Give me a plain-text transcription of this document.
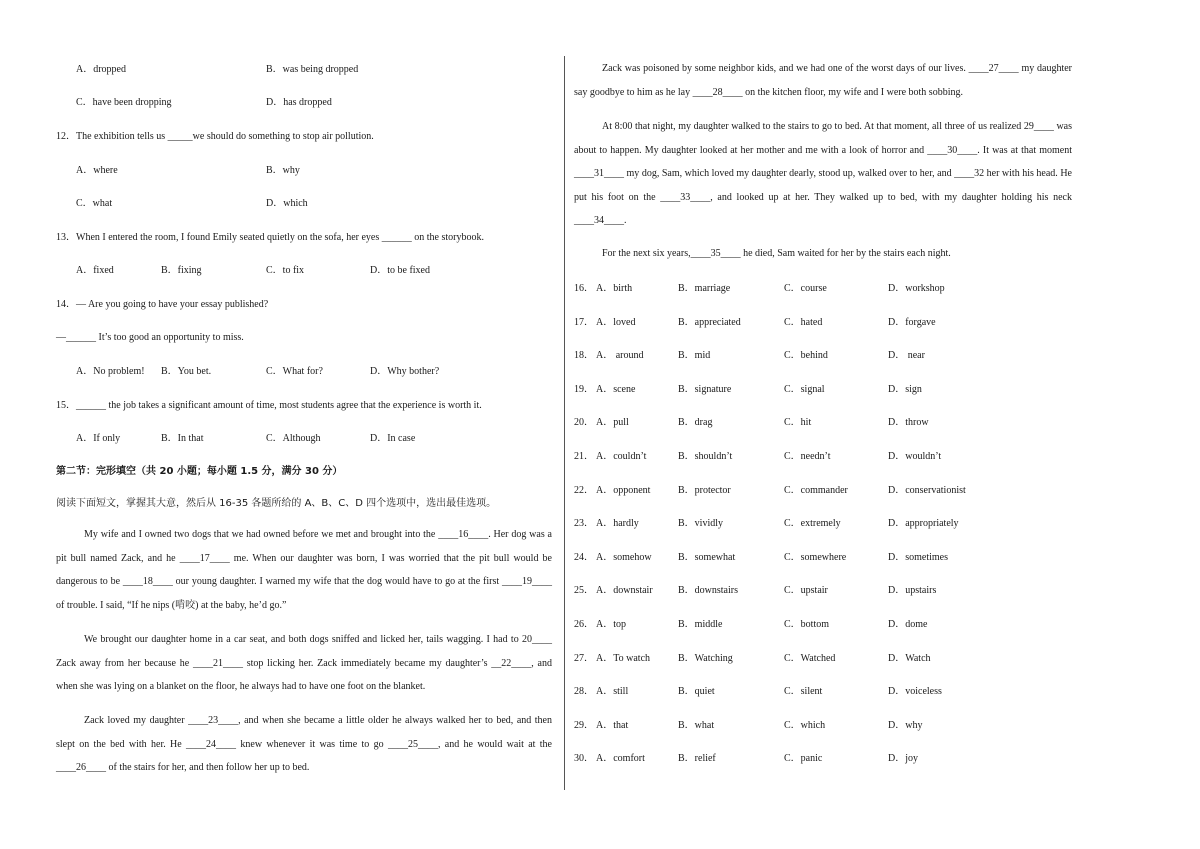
A．dropped	B．was being dropped
C．have been dropping	D．has dropped
12．The exhibition tells us _____we should do something to stop air pollution.
A．where	B．why
C．what	D．which
13．When I entered the room, I found Emily seated quietly on the sofa, her eyes ______ on the storybook.
A．fixed	B．fixing	C．to fix	D．to be fixed
14．— Are you going to have your essay published?
—______ It’s too good an opportunity to miss.
A．No problem! B．You bet.	C．What for?	D．Why bother?
15．______ the job takes a significant amount of time, most students agree that the experience is worth it.
A．If only	B．In that	C．Although	D．In case
第二节：完形填空（共 20 小题；每小题 1.5 分，满分 30 分）
阅读下面短文，掌握其大意，然后从 16-35 各题所给的 A、B、C、D 四个选项中，选出最佳选项。
My wife and I owned two dogs that we had owned before we met and brought into the ____16____. Her dog was a pit bull named Zack, and he ____17____ me. When our daughter was born, I was worried that the pit bull would be dangerous to be ____18____ our young daughter. I warned my wife that the dog would have to go at the first ____19____ of trouble. I said, “If he nips (啃咬) at the baby, he’d go.”
We brought our daughter home in a car seat, and both dogs sniffed and licked her, tails wagging. I had to 20____ Zack away from her because he ____21____ stop licking her. Zack immediately became my daughter’s __22____, and when she was lying on a blanket on the floor, he always had to have one foot on the blanket.
Zack loved my daughter ____23____, and when she became a little older he always walked her to bed, and then slept on the bed with her. He ____24____ knew whenever it was time to go ____25____, and he would wait at the ____26____ of the stairs for her, and then follow her up to bed.
Zack was poisoned by some neighbor kids, and we had one of the worst days of our lives. ____27____ my daughter say goodbye to him as he lay ____28____ on the kitchen floor, my wife and I were both sobbing.
At 8:00 that night, my daughter walked to the stairs to go to bed. At that moment, all three of us realized 29____ was about to happen. My daughter looked at her mother and me with a look of horror and ____30____. It was at that moment ____31____ my dog, Sam, which loved my daughter dearly, stood up, walked over to her, and ____32 her with his head. He put his foot on the ____33____, and looked up at her. They walked up to bed, with my daughter holding his neck ____34____.
For the next six years,____35____ he died, Sam waited for her by the stairs each night.
16． A．birth	B．marriage	C．course	D．workshop
17． A．loved	B．appreciated	C．hated	D．forgave
18． A． around	B．mid	C．behind	D． near
19． A．scene	B．signature	C．signal	D．sign
20． A．pull	B．drag	C．hit	D．throw
21． A．couldn’t	B．shouldn’t	C．needn’t	D．wouldn’t
22． A．opponent	B．protector	C．commander	D．conservationist
23． A．hardly	B．vividly	C．extremely	D．appropriately
24． A．somehow	B．somewhat	C．somewhere	D．sometimes
25． A．downstair	B．downstairs	C．upstair	D．upstairs
26． A．top	B．middle	C．bottom	D．dome
27． A．To watch	B．Watching	C．Watched	D．Watch
28． A．still	B．quiet	C．silent	D．voiceless
29． A．that	B．what	C．which	D．why
30． A．comfort	B．relief	C．panic	D．joy
